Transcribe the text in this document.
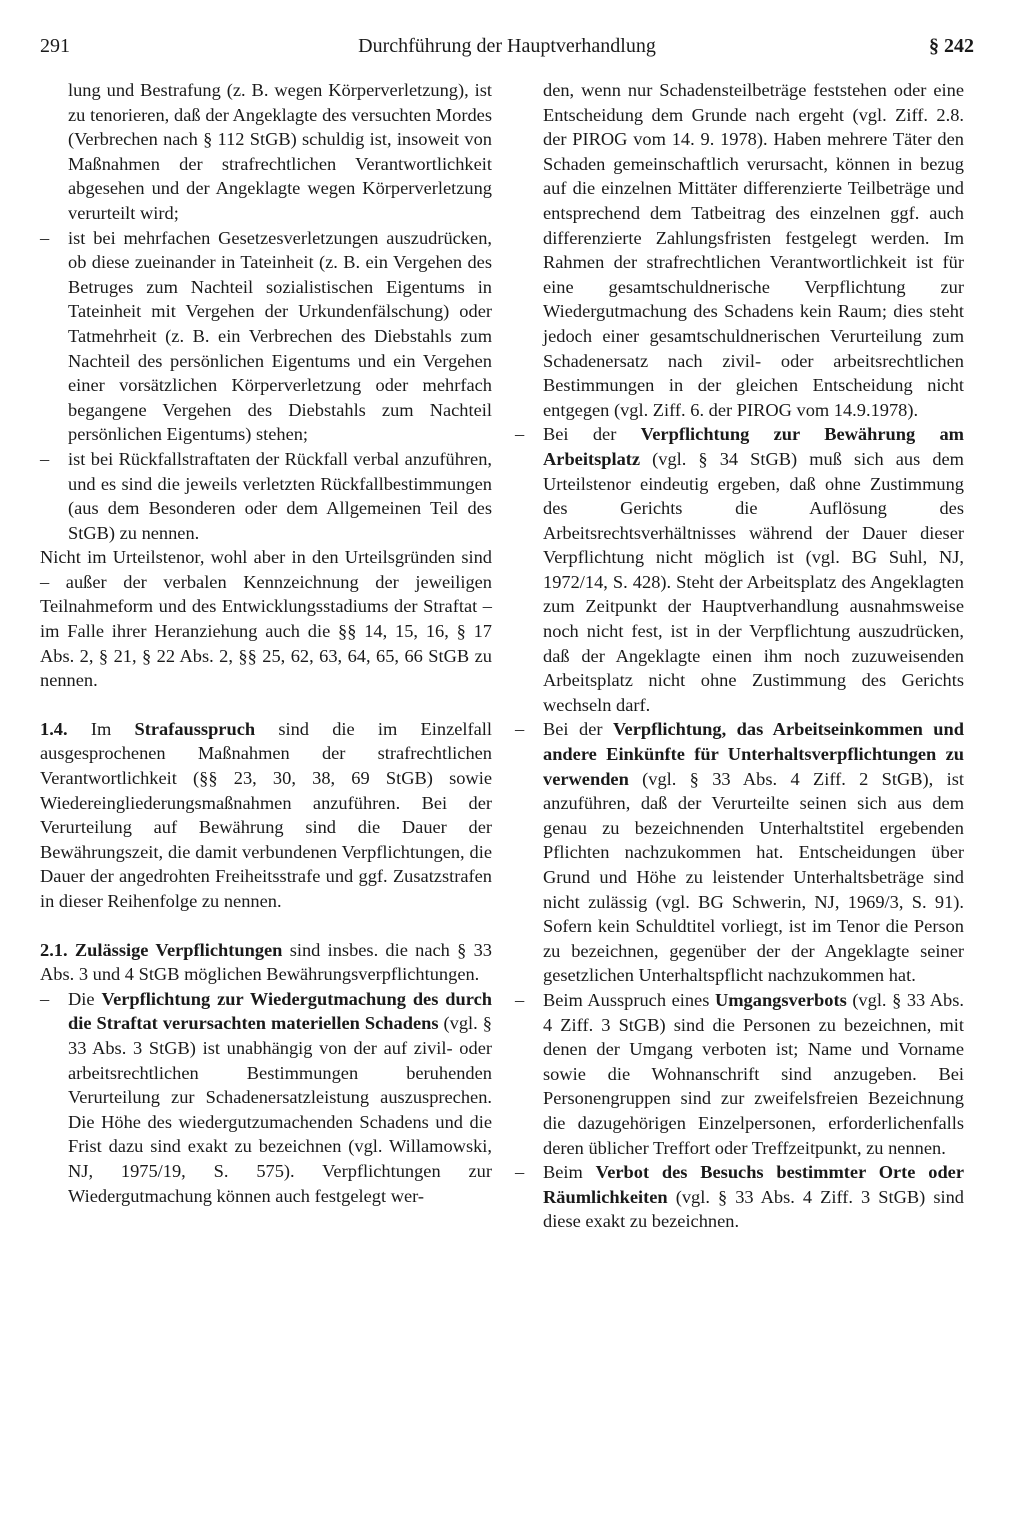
291	Durchführung der Hauptverhandlung	§ 242

lung und Bestrafung (z. B. wegen Körperverletzung), ist zu tenorieren, daß der Angeklagte des versuchten Mordes (Verbrechen nach § 112 StGB) schuldig ist, insoweit von Maßnahmen der strafrechtlichen Verantwortlichkeit abgesehen und der Angeklagte wegen Körperverletzung verurteilt wird;

– ist bei mehrfachen Gesetzesverletzungen auszudrücken, ob diese zueinander in Tateinheit (z. B. ein Vergehen des Betruges zum Nachteil sozialistischen Eigentums in Tateinheit mit Vergehen der Urkundenfälschung) oder Tatmehrheit (z. B. ein Verbrechen des Diebstahls zum Nachteil des persönlichen Eigentums und ein Vergehen einer vorsätzlichen Körperverletzung oder mehrfach begangene Vergehen des Diebstahls zum Nachteil persönlichen Eigentums) stehen;

– ist bei Rückfallstraftaten der Rückfall verbal anzuführen, und es sind die jeweils verletzten Rückfallbestimmungen (aus dem Besonderen oder dem Allgemeinen Teil des StGB) zu nennen.

Nicht im Urteilstenor, wohl aber in den Urteilsgründen sind – außer der verbalen Kennzeichnung der jeweiligen Teilnahmeform und des Entwicklungsstadiums der Straftat – im Falle ihrer Heranziehung auch die §§ 14, 15, 16, § 17 Abs. 2, § 21, § 22 Abs. 2, §§ 25, 62, 63, 64, 65, 66 StGB zu nennen.

1.4. Im Strafausspruch sind die im Einzelfall ausgesprochenen Maßnahmen der strafrechtlichen Verantwortlichkeit (§§ 23, 30, 38, 69 StGB) sowie Wiedereingliederungsmaßnahmen anzuführen. Bei der Verurteilung auf Bewährung sind die Dauer der Bewährungszeit, die damit verbundenen Verpflichtungen, die Dauer der angedrohten Freiheitsstrafe und ggf. Zusatzstrafen in dieser Reihenfolge zu nennen.

2.1. Zulässige Verpflichtungen sind insbes. die nach § 33 Abs. 3 und 4 StGB möglichen Bewährungsverpflichtungen.

– Die Verpflichtung zur Wiedergutmachung des durch die Straftat verursachten materiellen Schadens (vgl. § 33 Abs. 3 StGB) ist unabhängig von der auf zivil- oder arbeitsrechtlichen Bestimmungen beruhenden Verurteilung zur Schadenersatzleistung auszusprechen. Die Höhe des wiedergutzumachenden Schadens und die Frist dazu sind exakt zu bezeichnen (vgl. Willamowski, NJ, 1975/19, S. 575). Verpflichtungen zur Wiedergutmachung können auch festgelegt wer-

den, wenn nur Schadensteilbeträge feststehen oder eine Entscheidung dem Grunde nach ergeht (vgl. Ziff. 2.8. der PIROG vom 14. 9. 1978). Haben mehrere Täter den Schaden gemeinschaftlich verursacht, können in bezug auf die einzelnen Mittäter differenzierte Teilbeträge und entsprechend dem Tatbeitrag des einzelnen ggf. auch differenzierte Zahlungsfristen festgelegt werden. Im Rahmen der strafrechtlichen Verantwortlichkeit ist für eine gesamtschuldnerische Verpflichtung zur Wiedergutmachung des Schadens kein Raum; dies steht jedoch einer gesamtschuldnerischen Verurteilung zum Schadenersatz nach zivil- oder arbeitsrechtlichen Bestimmungen in der gleichen Entscheidung nicht entgegen (vgl. Ziff. 6. der PIROG vom 14.9.1978).

– Bei der Verpflichtung zur Bewährung am Arbeitsplatz (vgl. § 34 StGB) muß sich aus dem Urteilstenor eindeutig ergeben, daß ohne Zustimmung des Gerichts die Auflösung des Arbeitsrechtsverhältnisses während der Dauer dieser Verpflichtung nicht möglich ist (vgl. BG Suhl, NJ, 1972/14, S. 428). Steht der Arbeitsplatz des Angeklagten zum Zeitpunkt der Hauptverhandlung ausnahmsweise noch nicht fest, ist in der Verpflichtung auszudrücken, daß der Angeklagte einen ihm noch zuzuweisenden Arbeitsplatz nicht ohne Zustimmung des Gerichts wechseln darf.

– Bei der Verpflichtung, das Arbeitseinkommen und andere Einkünfte für Unterhaltsverpflichtungen zu verwenden (vgl. § 33 Abs. 4 Ziff. 2 StGB), ist anzuführen, daß der Verurteilte seinen sich aus dem genau zu bezeichnenden Unterhaltstitel ergebenden Pflichten nachzukommen hat. Entscheidungen über Grund und Höhe zu leistender Unterhaltsbeträge sind nicht zulässig (vgl. BG Schwerin, NJ, 1969/3, S. 91). Sofern kein Schuldtitel vorliegt, ist im Tenor die Person zu bezeichnen, gegenüber der der Angeklagte seiner gesetzlichen Unterhaltspflicht nachzukommen hat.

– Beim Ausspruch eines Umgangsverbots (vgl. § 33 Abs. 4 Ziff. 3 StGB) sind die Personen zu bezeichnen, mit denen der Umgang verboten ist; Name und Vorname sowie die Wohnanschrift sind anzugeben. Bei Personengruppen sind zur zweifelsfreien Bezeichnung die dazugehörigen Einzelpersonen, erforderlichenfalls deren üblicher Treffort oder Treffzeitpunkt, zu nennen.

– Beim Verbot des Besuchs bestimmter Orte oder Räumlichkeiten (vgl. § 33 Abs. 4 Ziff. 3 StGB) sind diese exakt zu bezeichnen.
